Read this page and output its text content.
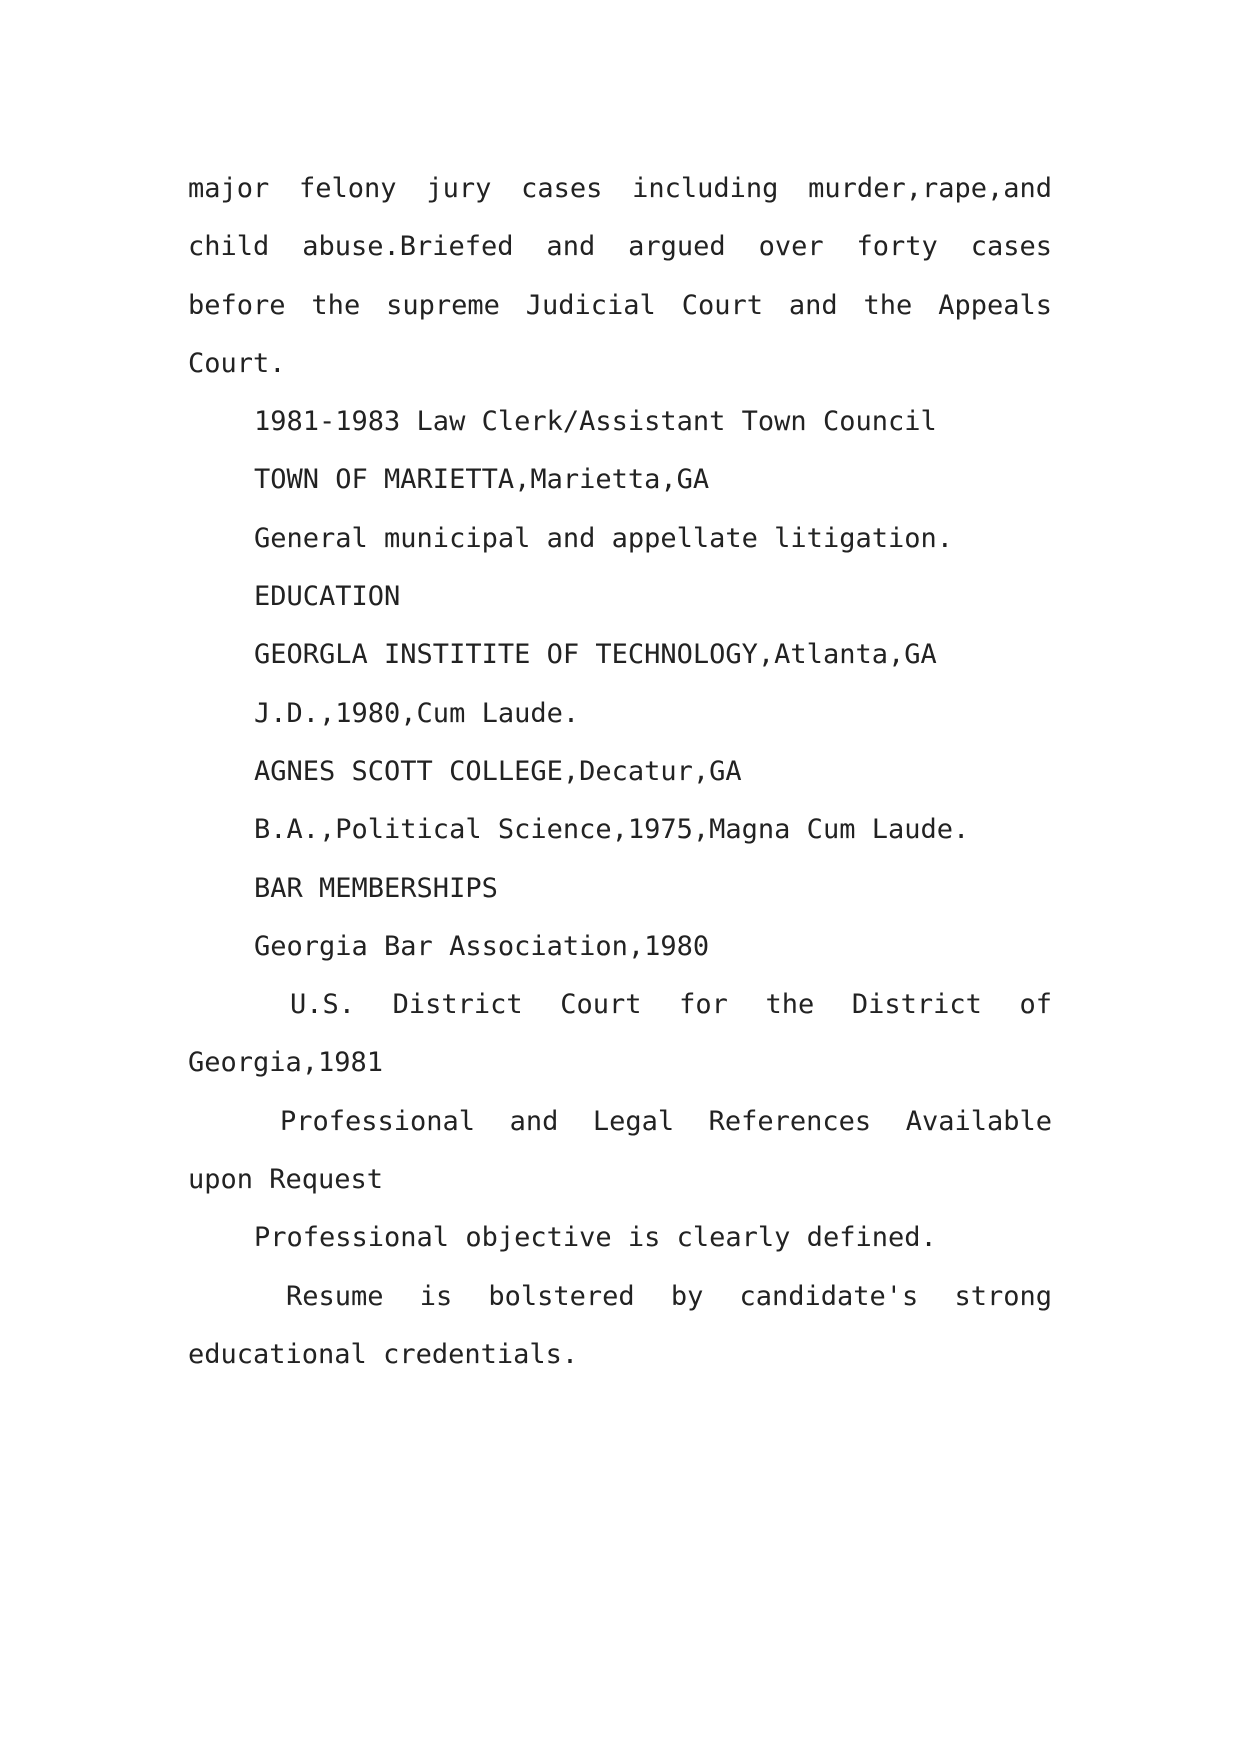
major felony jury cases including murder,rape,and
child abuse.Briefed and argued over forty cases
before the supreme Judicial Court and the Appeals
Court.
1981-1983 Law Clerk/Assistant Town Council
TOWN OF MARIETTA,Marietta,GA
General municipal and appellate litigation.
EDUCATION
GEORGLA INSTITITE OF TECHNOLOGY,Atlanta,GA
J.D.,1980,Cum Laude.
AGNES SCOTT COLLEGE,Decatur,GA
B.A.,Political Science,1975,Magna Cum Laude.
BAR MEMBERSHIPS
Georgia Bar Association,1980
U.S. District Court for the District of
Georgia,1981
Professional and Legal References Available
upon Request
Professional objective is clearly defined.
Resume is bolstered by candidate's strong
educational credentials.
